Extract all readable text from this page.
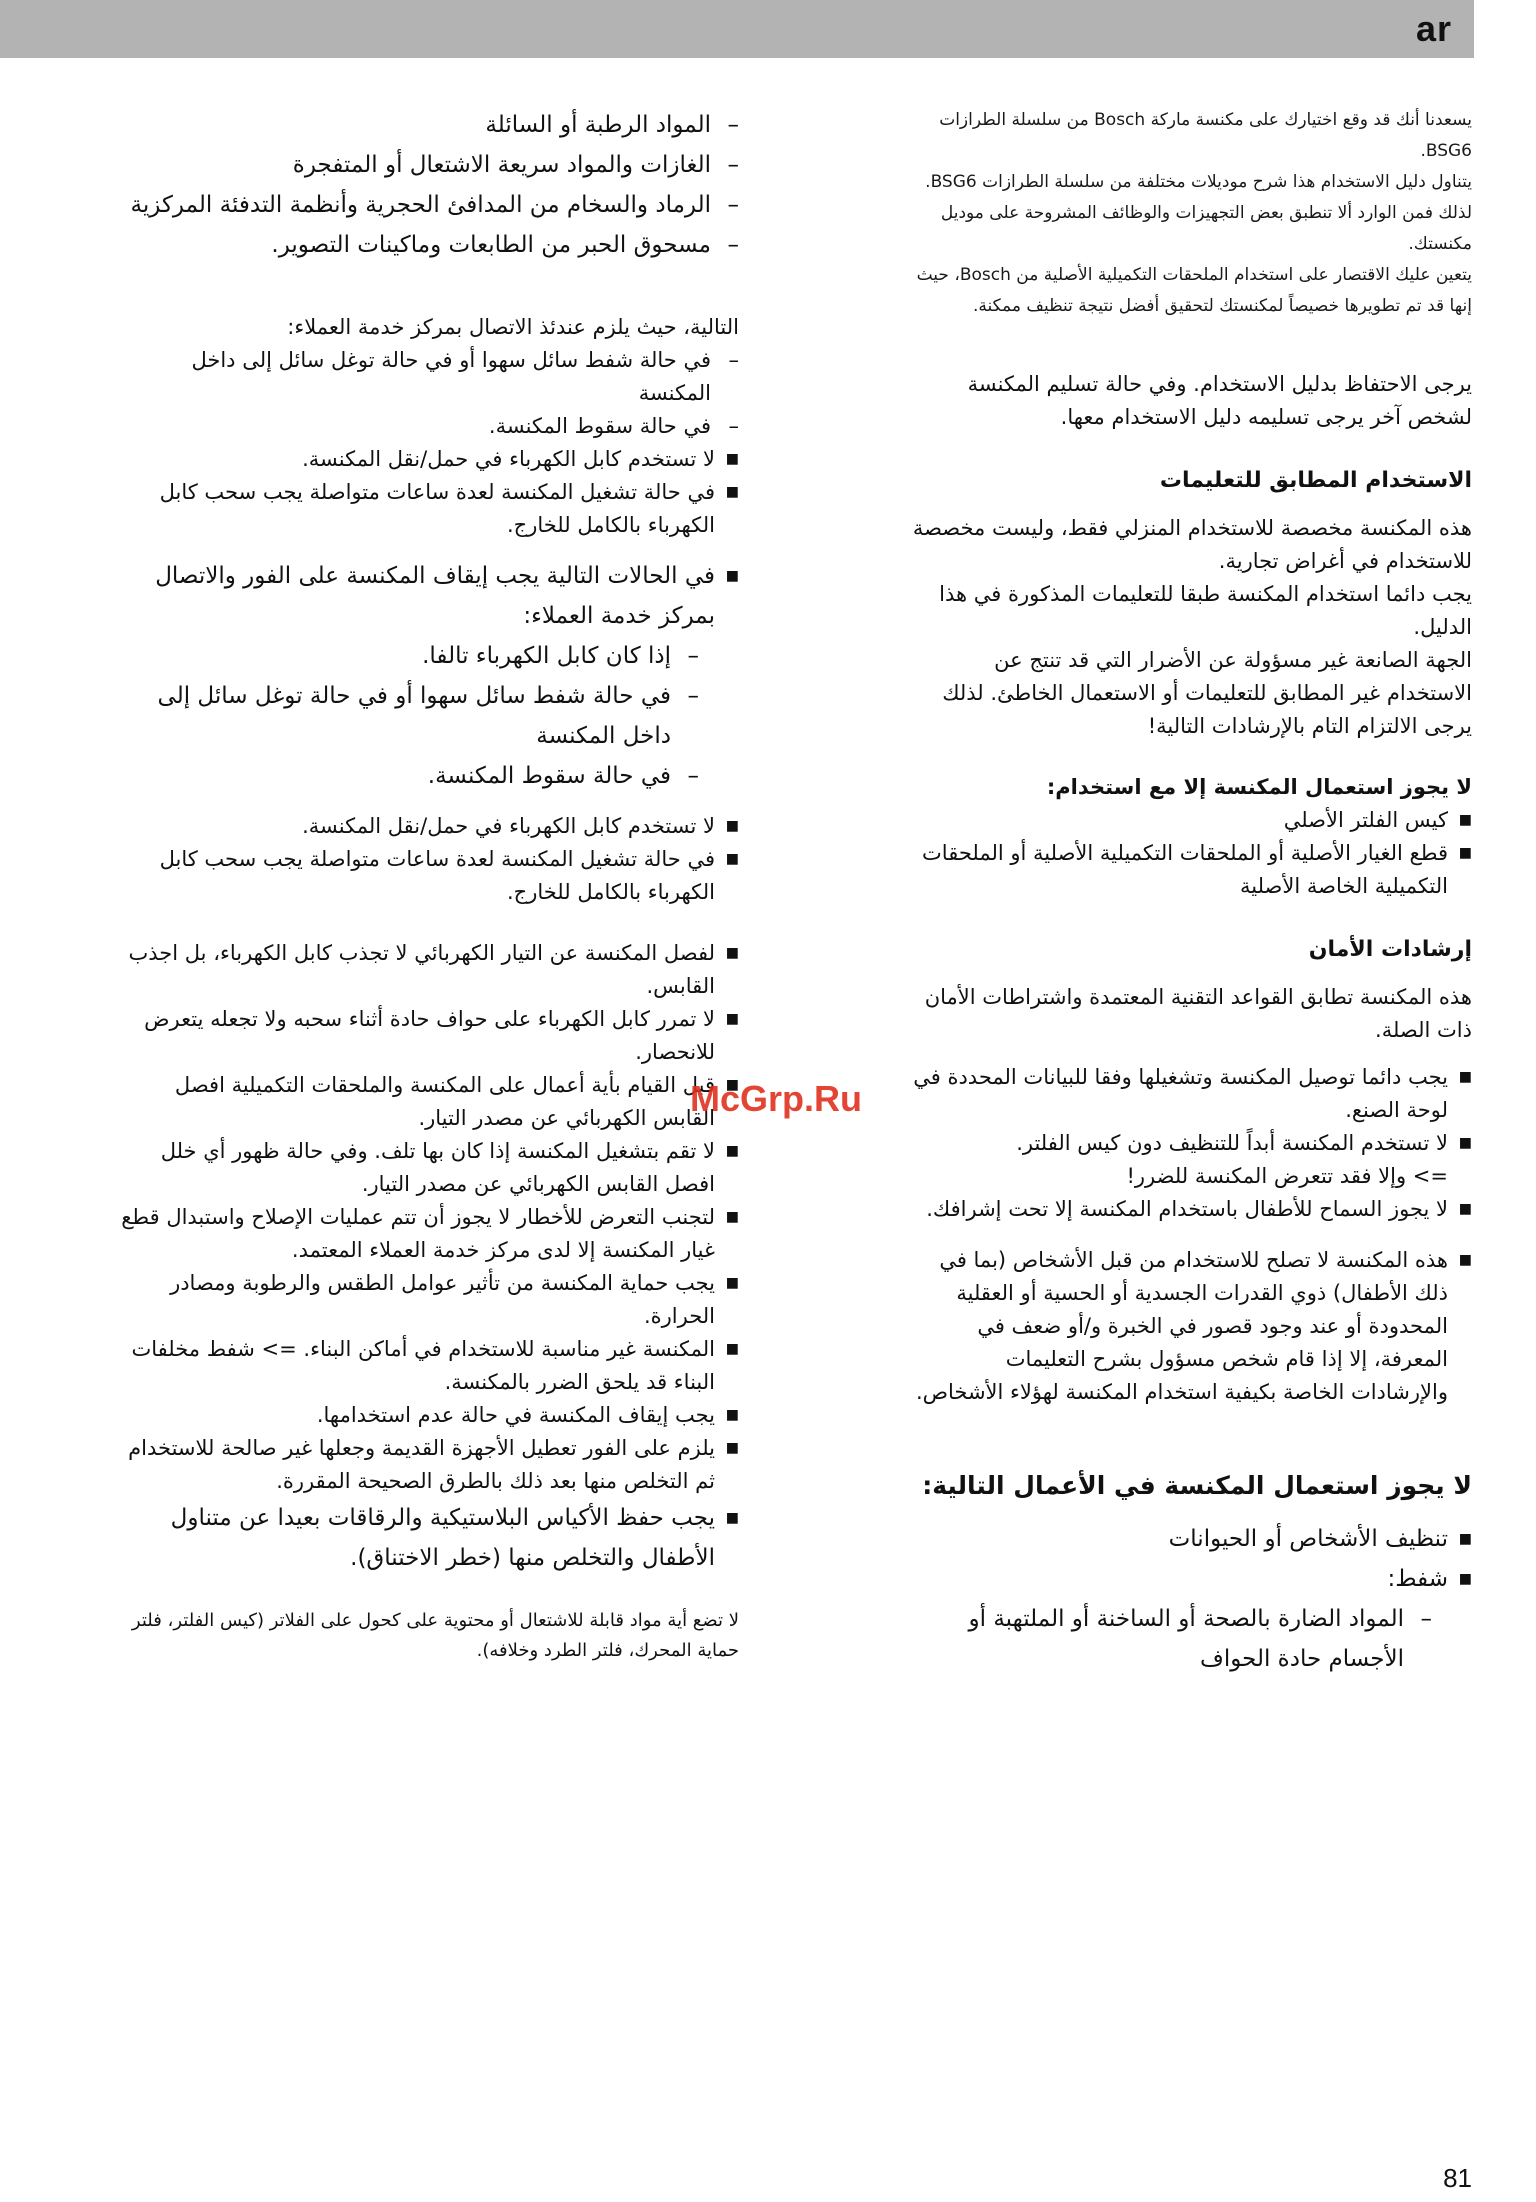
ar

يسعدنا أنك قد وقع اختيارك على مكنسة ماركة Bosch من سلسلة الطرازات BSG6.

يتناول دليل الاستخدام هذا شرح موديلات مختلفة من سلسلة الطرازات BSG6. لذلك فمن الوارد ألا تنطبق بعض التجهيزات والوظائف المشروحة على موديل مكنستك.

يتعين عليك الاقتصار على استخدام الملحقات التكميلية الأصلية من Bosch، حيث إنها قد تم تطويرها خصيصاً لمكنستك لتحقيق أفضل نتيجة تنظيف ممكنة.

يرجى الاحتفاظ بدليل الاستخدام. وفي حالة تسليم المكنسة لشخص آخر يرجى تسليمه دليل الاستخدام معها.

الاستخدام المطابق للتعليمات

هذه المكنسة مخصصة للاستخدام المنزلي فقط، وليست مخصصة للاستخدام في أغراض تجارية.

يجب دائما استخدام المكنسة طبقا للتعليمات المذكورة في هذا الدليل.

الجهة الصانعة غير مسؤولة عن الأضرار التي قد تنتج عن الاستخدام غير المطابق للتعليمات أو الاستعمال الخاطئ. لذلك يرجى الالتزام التام بالإرشادات التالية!

لا يجوز استعمال المكنسة إلا مع استخدام:

■ كيس الفلتر الأصلي
■ قطع الغيار الأصلية أو الملحقات التكميلية الأصلية أو الملحقات التكميلية الخاصة الأصلية
إرشادات الأمان

هذه المكنسة تطابق القواعد التقنية المعتمدة واشتراطات الأمان ذات الصلة.

■ يجب دائما توصيل المكنسة وتشغيلها وفقا للبيانات المحددة في لوحة الصنع.
■ لا تستخدم المكنسة أبداً للتنظيف دون كيس الفلتر.
=> وإلا فقد تتعرض المكنسة للضرر!
■ لا يجوز السماح للأطفال باستخدام المكنسة إلا تحت إشرافك.
■ هذه المكنسة لا تصلح للاستخدام من قبل الأشخاص (بما في ذلك الأطفال) ذوي القدرات الجسدية أو الحسية أو العقلية المحدودة أو عند وجود قصور في الخبرة و/أو ضعف في المعرفة، إلا إذا قام شخص مسؤول بشرح التعليمات والإرشادات الخاصة بكيفية استخدام المكنسة لهؤلاء الأشخاص.
لا يجوز استعمال المكنسة في الأعمال التالية:
■ تنظيف الأشخاص أو الحيوانات
■ شفط:
– المواد الضارة بالصحة أو الساخنة أو الملتهبة أو الأجسام حادة الحواف
– المواد الرطبة أو السائلة
– الغازات والمواد سريعة الاشتعال أو المتفجرة
– الرماد والسخام من المدافئ الحجرية وأنظمة التدفئة المركزية
– مسحوق الحبر من الطابعات وماكينات التصوير.

التالية، حيث يلزم عندئذ الاتصال بمركز خدمة العملاء:

– في حالة شفط سائل سهوا أو في حالة توغل سائل إلى داخل المكنسة
– في حالة سقوط المكنسة.
■ لا تستخدم كابل الكهرباء في حمل/نقل المكنسة.
■ في حالة تشغيل المكنسة لعدة ساعات متواصلة يجب سحب كابل الكهرباء بالكامل للخارج.
■ في الحالات التالية يجب إيقاف المكنسة على الفور والاتصال بمركز خدمة العملاء:
– إذا كان كابل الكهرباء تالفا.
– في حالة شفط سائل سهوا أو في حالة توغل سائل إلى داخل المكنسة
– في حالة سقوط المكنسة.
■ لا تستخدم كابل الكهرباء في حمل/نقل المكنسة.
■ في حالة تشغيل المكنسة لعدة ساعات متواصلة يجب سحب كابل الكهرباء بالكامل للخارج.
■ لفصل المكنسة عن التيار الكهربائي لا تجذب كابل الكهرباء، بل اجذب القابس.
■ لا تمرر كابل الكهرباء على حواف حادة أثناء سحبه ولا تجعله يتعرض للانحصار.
■ قبل القيام بأية أعمال على المكنسة والملحقات التكميلية افصل القابس الكهربائي عن مصدر التيار.
■ لا تقم بتشغيل المكنسة إذا كان بها تلف. وفي حالة ظهور أي خلل افصل القابس الكهربائي عن مصدر التيار.
■ لتجنب التعرض للأخطار لا يجوز أن تتم عمليات الإصلاح واستبدال قطع غيار المكنسة إلا لدى مركز خدمة العملاء المعتمد.
■ يجب حماية المكنسة من تأثير عوامل الطقس والرطوبة ومصادر الحرارة.
■ المكنسة غير مناسبة للاستخدام في أماكن البناء. => شفط مخلفات البناء قد يلحق الضرر بالمكنسة.
■ يجب إيقاف المكنسة في حالة عدم استخدامها.
■ يلزم على الفور تعطيل الأجهزة القديمة وجعلها غير صالحة للاستخدام ثم التخلص منها بعد ذلك بالطرق الصحيحة المقررة.
■ يجب حفظ الأكياس البلاستيكية والرقاقات بعيدا عن متناول الأطفال والتخلص منها (خطر الاختناق).

لا تضع أية مواد قابلة للاشتعال أو محتوية على كحول على الفلاتر (كيس الفلتر، فلتر حماية المحرك، فلتر الطرد وخلافه).

McGrp.Ru
81
